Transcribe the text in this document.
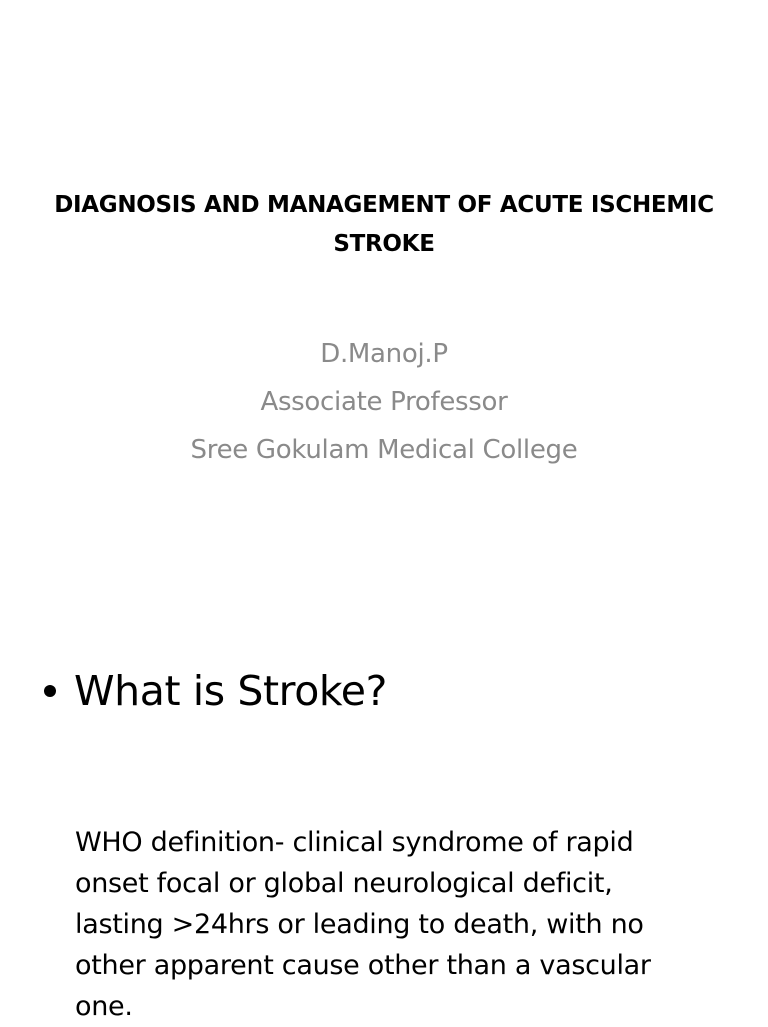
DIAGNOSIS AND MANAGEMENT OF ACUTE ISCHEMIC STROKE
D.Manoj.P
Associate Professor
Sree Gokulam Medical College
What is Stroke?
WHO definition- clinical syndrome of rapid onset focal or global neurological deficit, lasting >24hrs or leading to death, with no other apparent cause other than a vascular one.
